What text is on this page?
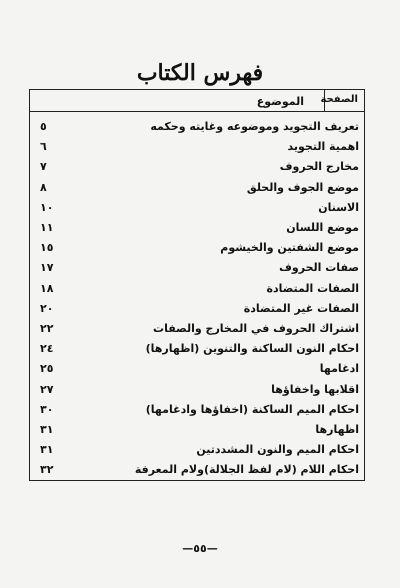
فهرس الكتاب
الموضوع الصفحة
تعريف التجويد وموضوعه وغايته وحكمه
٥
اهمية التجويد
٦
مخارج الحروف
٧
موضع الجوف والحلق
٨
الاسنان
١٠
موضع اللسان
١١
موضع الشفتين والخيشوم
١٥
صفات الحروف
١٧
الصفات المتضادة
١٨
الصفات غير المتضادة
٢٠
اشتراك الحروف في المخارج والصفات
٢٢
احكام النون الساكنة والتنوين (اظهارها)
٢٤
ادغامها
٢٥
اقلابها واخفاؤها
٢٧
احكام الميم الساكنة (اخفاؤها وادغامها)
٣٠
اظهارها
٣١
احكام الميم والنون المشددتين
٣١
احكام اللام (لام لفظ الجلالة)ولام المعرفة
٣٢
—٥٥—
